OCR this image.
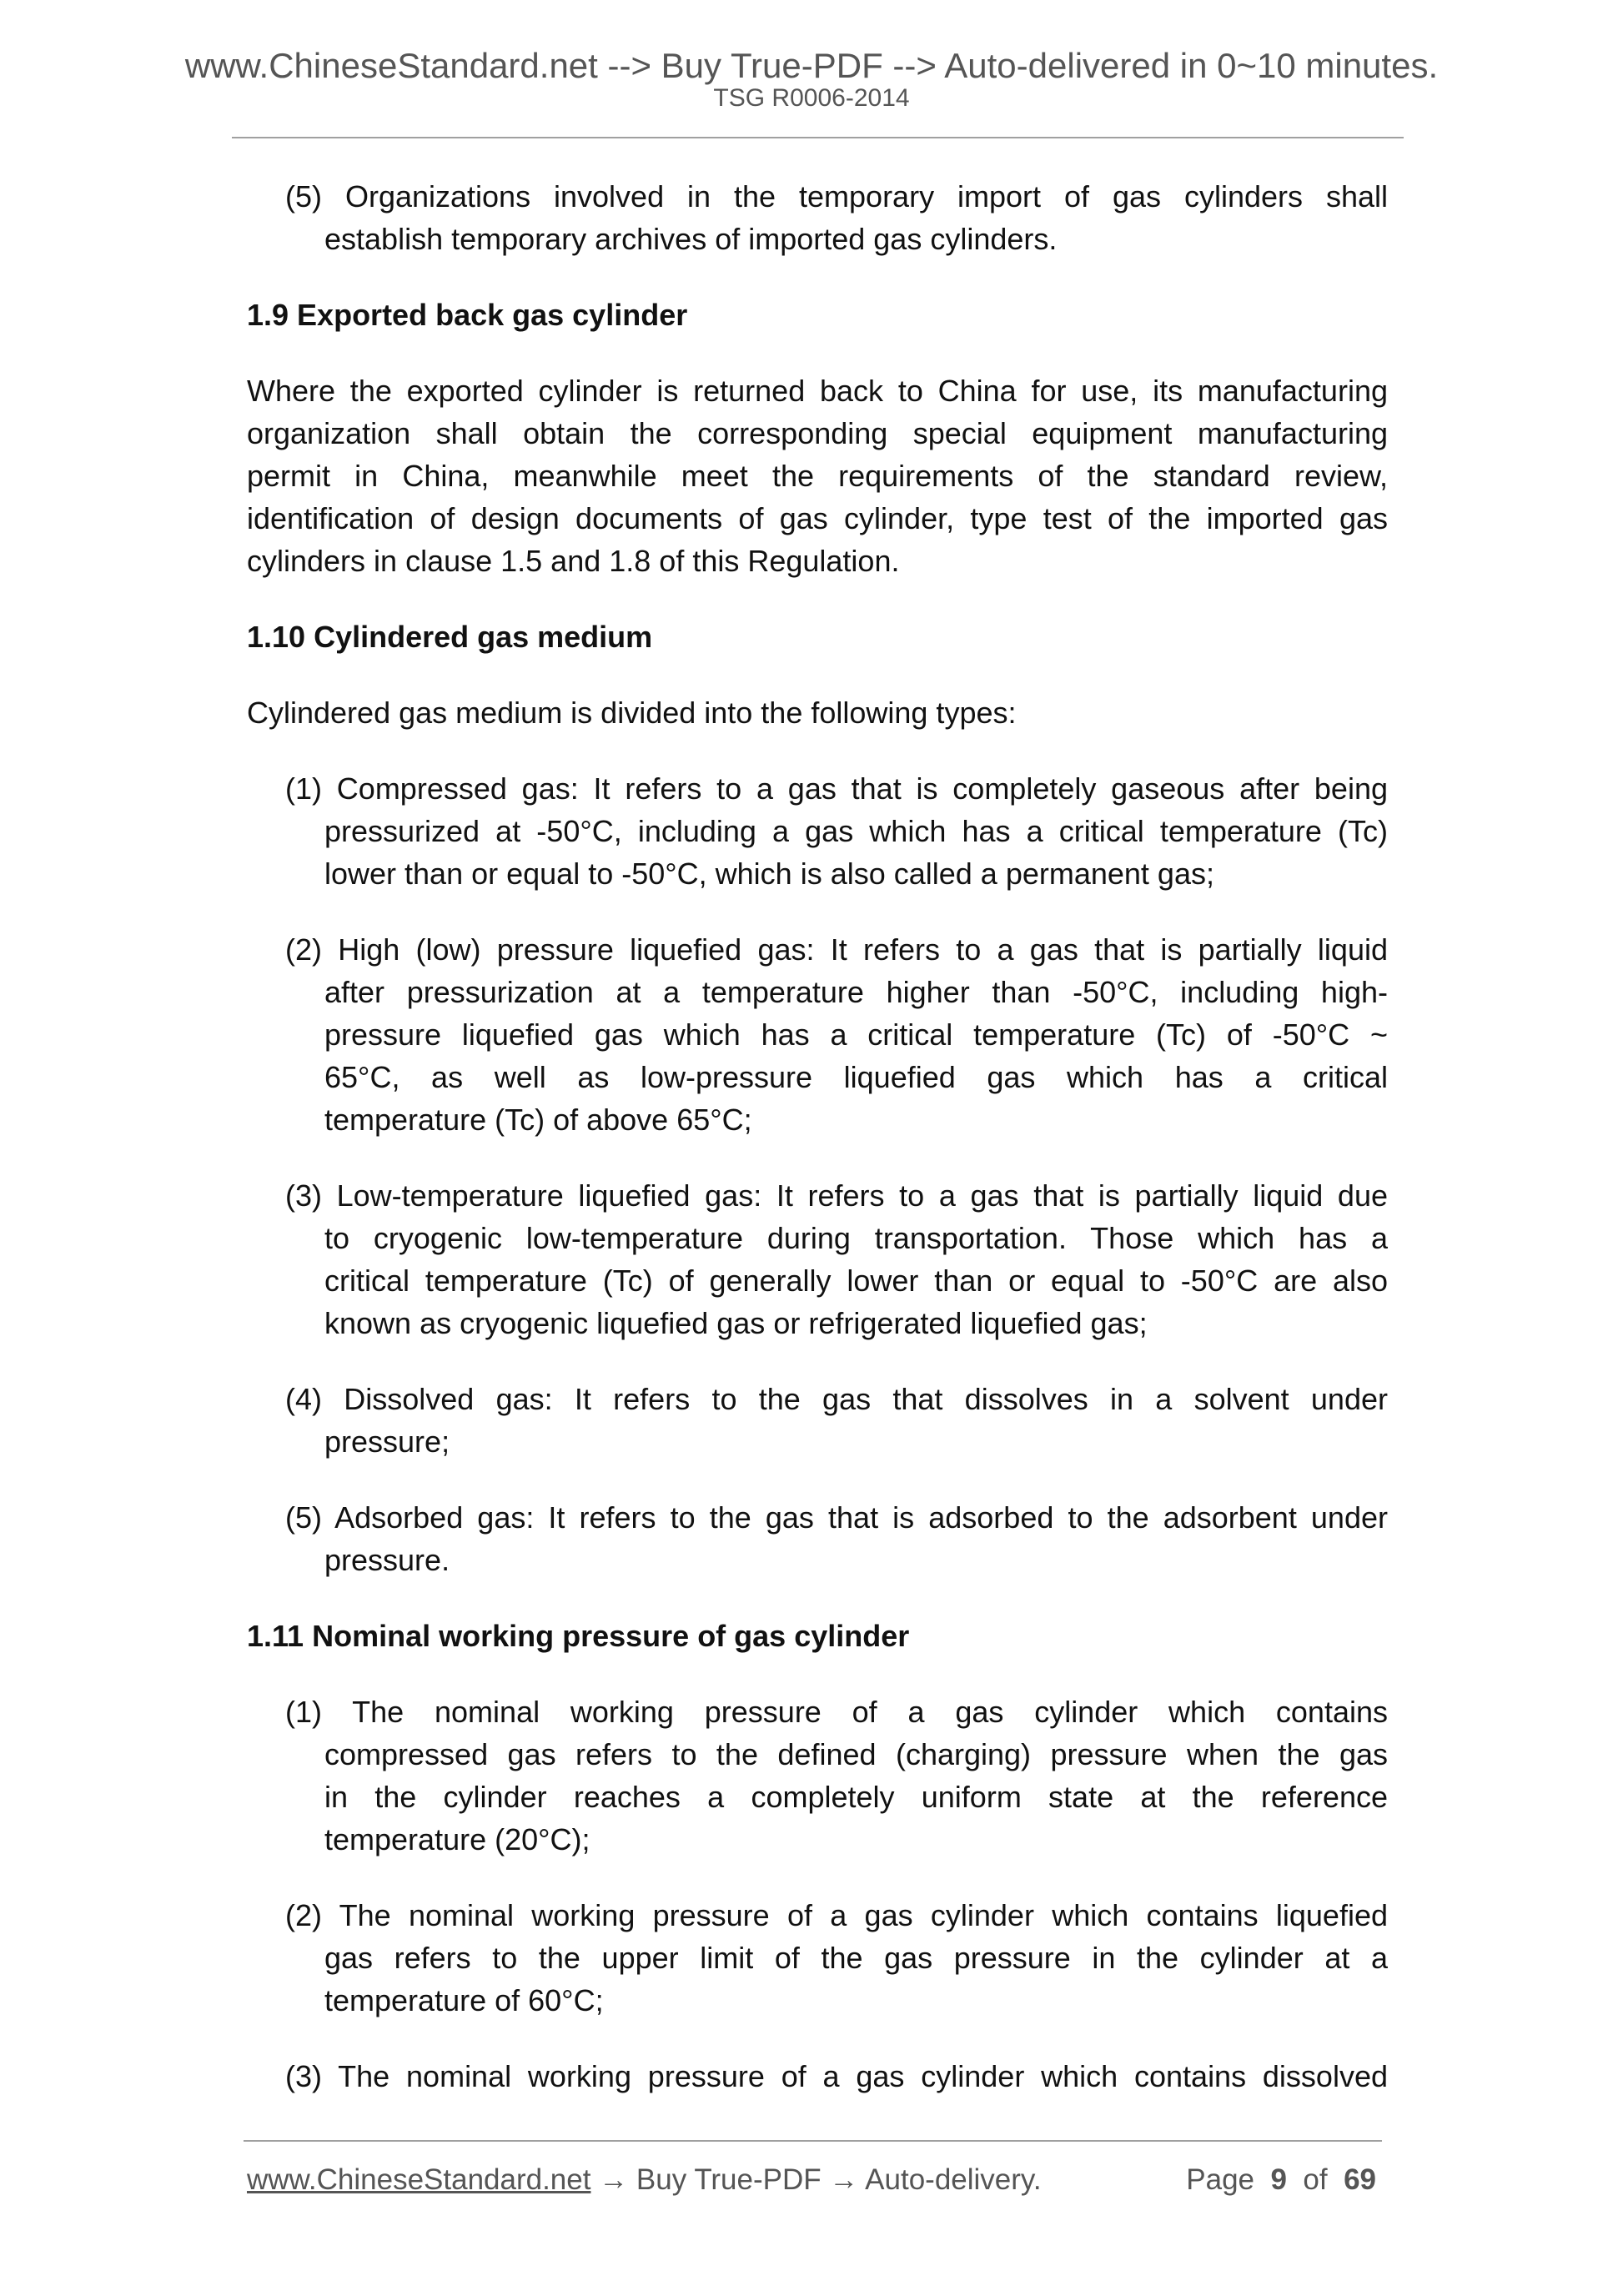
www.ChineseStandard.net --> Buy True-PDF --> Auto-delivered in 0~10 minutes.
TSG R0006-2014
(5) Organizations involved in the temporary import of gas cylinders shall
establish temporary archives of imported gas cylinders.
1.9 Exported back gas cylinder
Where the exported cylinder is returned back to China for use, its manufacturing
organization shall obtain the corresponding special equipment manufacturing
permit in China, meanwhile meet the requirements of the standard review,
identification of design documents of gas cylinder, type test of the imported gas
cylinders in clause 1.5 and 1.8 of this Regulation.
1.10 Cylindered gas medium
Cylindered gas medium is divided into the following types:
(1) Compressed gas: It refers to a gas that is completely gaseous after being
pressurized at -50°C, including a gas which has a critical temperature (Tc)
lower than or equal to -50°C, which is also called a permanent gas;
(2) High (low) pressure liquefied gas: It refers to a gas that is partially liquid
after pressurization at a temperature higher than -50°C, including high-
pressure liquefied gas which has a critical temperature (Tc) of -50°C ~
65°C, as well as low-pressure liquefied gas which has a critical
temperature (Tc) of above 65°C;
(3) Low-temperature liquefied gas: It refers to a gas that is partially liquid due
to cryogenic low-temperature during transportation. Those which has a
critical temperature (Tc) of generally lower than or equal to -50°C are also
known as cryogenic liquefied gas or refrigerated liquefied gas;
(4) Dissolved gas: It refers to the gas that dissolves in a solvent under
pressure;
(5) Adsorbed gas: It refers to the gas that is adsorbed to the adsorbent under
pressure.
1.11 Nominal working pressure of gas cylinder
(1) The nominal working pressure of a gas cylinder which contains
compressed gas refers to the defined (charging) pressure when the gas
in the cylinder reaches a completely uniform state at the reference
temperature (20°C);
(2) The nominal working pressure of a gas cylinder which contains liquefied
gas refers to the upper limit of the gas pressure in the cylinder at a
temperature of 60°C;
(3) The nominal working pressure of a gas cylinder which contains dissolved
www.ChineseStandard.net → Buy True-PDF → Auto-delivery.	Page 9 of 69
